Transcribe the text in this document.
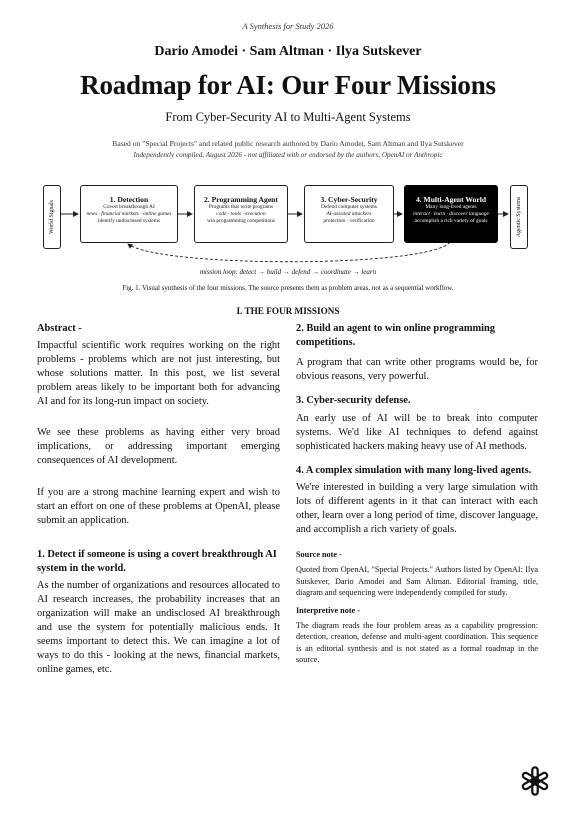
A Synthesis for Study 2026
Dario Amodei · Sam Altman · Ilya Sutskever
Roadmap for AI: Our Four Missions
From Cyber-Security AI to Multi-Agent Systems
Based on "Special Projects" and related public research authored by Dario Amodei, Sam Altman and Ilya Sutskever
Independently compiled, August 2026 - not affiliated with or endorsed by the authors, OpenAI or Anthropic
World Signals	Agentic Systems
1. Detection
Covert breakthrough AI
news · financial markets · online games
identify undisclosed systems
2. Programming Agent
Programs that write programs
code · tools · execution
win programming competitions
3. Cyber-Security
Defend computer systems
AI-assisted attackers
protection · verification
4. Multi-Agent World
Many long-lived agents
interact · learn · discover language
accomplish a rich variety of goals
mission loop: detect → build → defend → coordinate → learn
Fig. 1. Visual synthesis of the four missions. The source presents them as problem areas, not as a sequential workflow.
I. THE FOUR MISSIONS

Abstract -

Impactful scientific work requires working on the right problems - problems which are not just interesting, but whose solutions matter. In this post, we list several problem areas likely to be important both for advancing AI and for its long-run impact on society.

We see these problems as having either very broad implications, or addressing important emerging consequences of AI development.

If you are a strong machine learning expert and wish to start an effort on one of these problems at OpenAI, please submit an application.

1. Detect if someone is using a covert breakthrough AI system in the world.

As the number of organizations and resources allocated to AI research increases, the probability increases that an organization will make an undisclosed AI breakthrough and use the system for potentially malicious ends. It seems important to detect this. We can imagine a lot of ways to do this - looking at the news, financial markets, online games, etc.

2. Build an agent to win online programming competitions.

A program that can write other programs would be, for obvious reasons, very powerful.

3. Cyber-security defense.

An early use of AI will be to break into computer systems. We'd like AI techniques to defend against sophisticated hackers making heavy use of AI methods.

4. A complex simulation with many long-lived agents.

We're interested in building a very large simulation with lots of different agents in it that can interact with each other, learn over a long period of time, discover language, and accomplish a rich variety of goals.

Source note -

Quoted from OpenAI, "Special Projects." Authors listed by OpenAI: Ilya Sutskever, Dario Amodei and Sam Altman. Editorial framing, title, diagram and sequencing were independently compiled for study.

Interpretive note -

The diagram reads the four problem areas as a capability progression: detection, creation, defense and multi-agent coordination. This sequence is an editorial synthesis and is not stated as a formal roadmap in the source.
